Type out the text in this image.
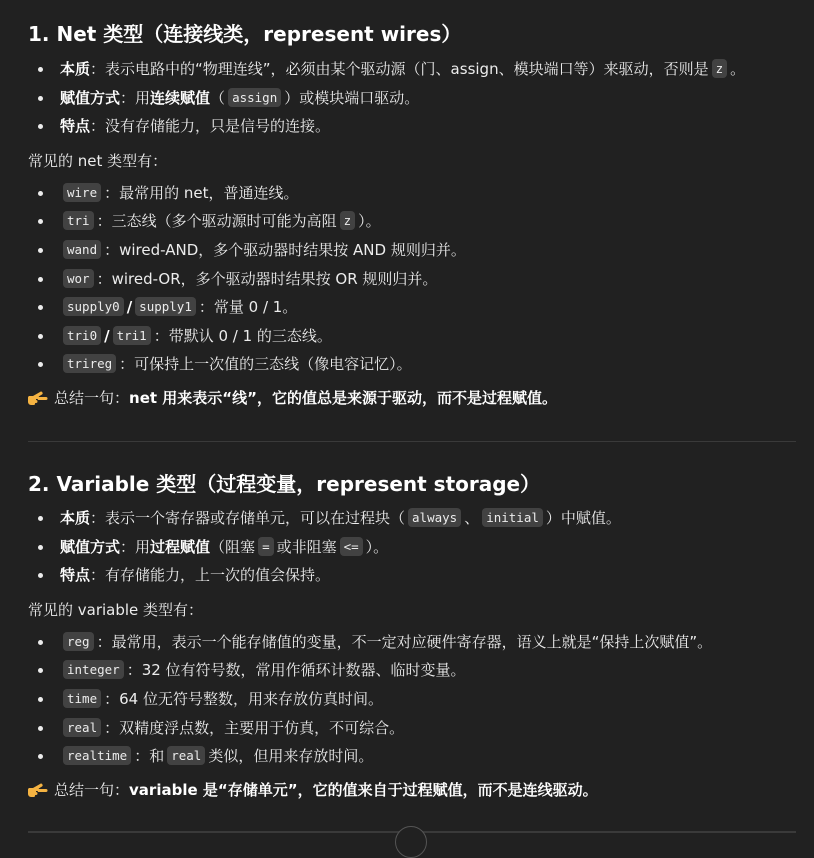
1. Net 类型（连接线类，represent wires）
本质：表示电路中的“物理连线”，必须由某个驱动源（门、assign、模块端口等）来驱动，否则是 z 。
赋值方式：用连续赋值（ assign ）或模块端口驱动。
特点：没有存储能力，只是信号的连接。

常见的 net 类型有：

wire ：最常用的 net，普通连线。
tri ：三态线（多个驱动源时可能为高阻 z ）。
wand ：wired-AND，多个驱动器时结果按 AND 规则归并。
wor ：wired-OR，多个驱动器时结果按 OR 规则归并。
supply0 / supply1 ：常量 0 / 1。
tri0 / tri1 ：带默认 0 / 1 的三态线。
trireg ：可保持上一次值的三态线（像电容记忆）。

总结一句：net 用来表示“线”，它的值总是来源于驱动，而不是过程赋值。

2. Variable 类型（过程变量，represent storage）
本质：表示一个寄存器或存储单元，可以在过程块（ always 、 initial ）中赋值。
赋值方式：用过程赋值（阻塞 = 或非阻塞 <= ）。
特点：有存储能力，上一次的值会保持。

常见的 variable 类型有：

reg ：最常用，表示一个能存储值的变量，不一定对应硬件寄存器，语义上就是“保持上次赋值”。
integer ：32 位有符号数，常用作循环计数器、临时变量。
time ：64 位无符号整数，用来存放仿真时间。
real ：双精度浮点数，主要用于仿真，不可综合。
realtime ：和 real 类似，但用来存放时间。

总结一句：variable 是“存储单元”，它的值来自于过程赋值，而不是连线驱动。
